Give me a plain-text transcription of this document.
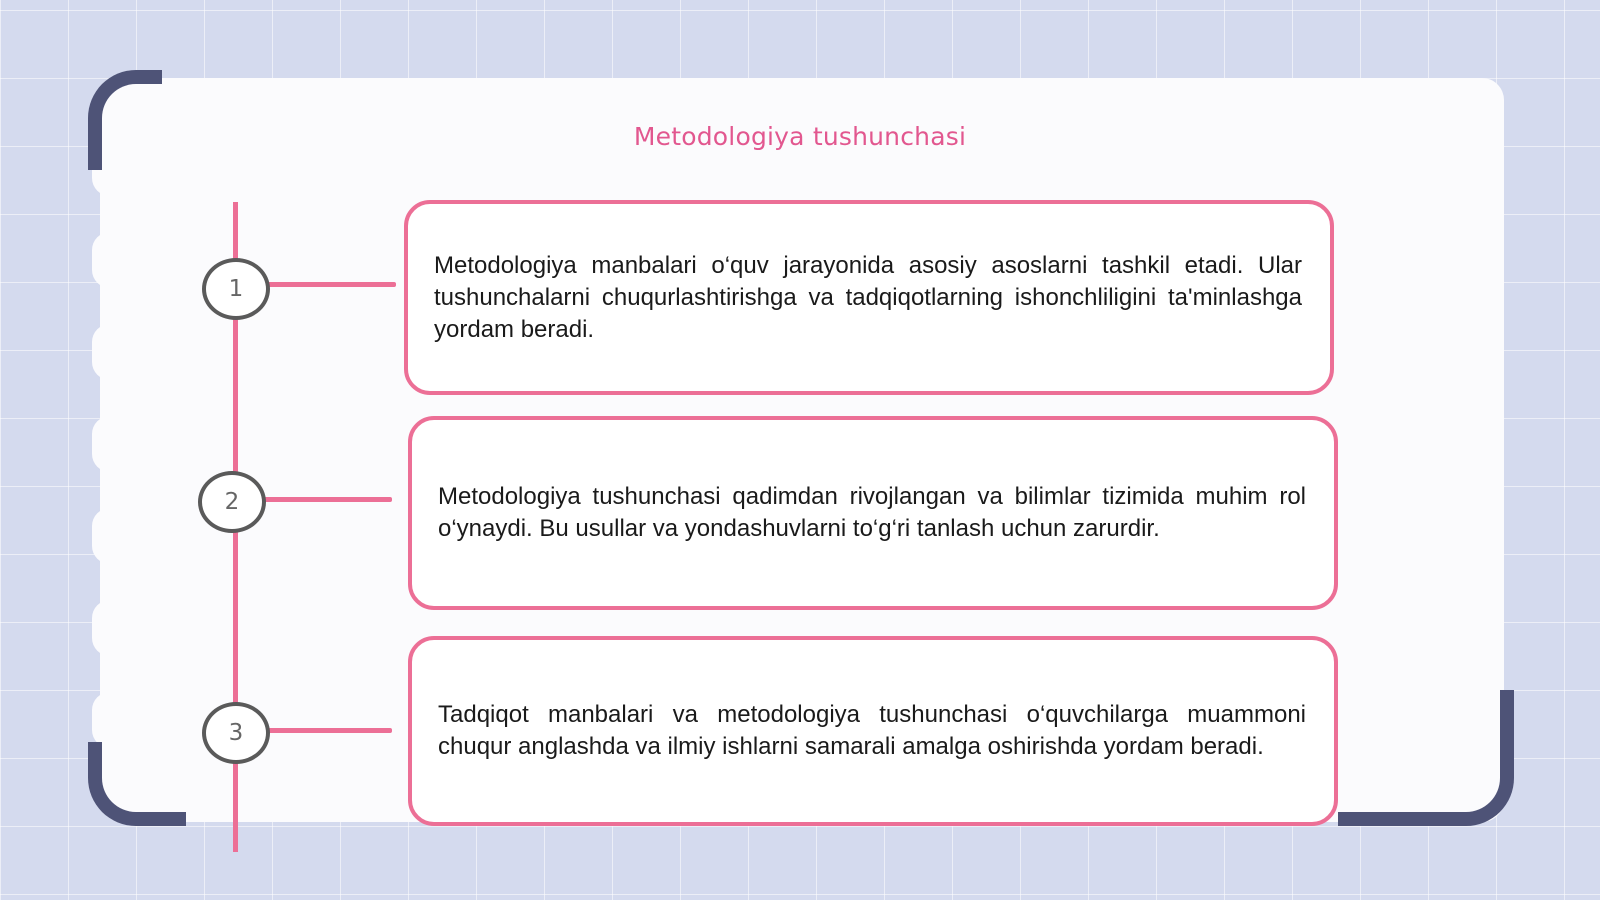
Metodologiya tushunchasi
1

Metodologiya manbalari o‘quv jarayonida asosiy asoslarni tashkil etadi. Ular tushunchalarni chuqurlashtirishga va tadqiqotlarning ishonchliligini ta'minlashga yordam beradi.

2	Metodologiya tushunchasi qadimdan rivojlangan va bilimlar tizimida muhim rol o‘ynaydi. Bu usullar va yondashuvlarni to‘g‘ri tanlash uchun zarurdir.

3

Tadqiqot manbalari va metodologiya tushunchasi o‘quvchilarga muammoni chuqur anglashda va ilmiy ishlarni samarali amalga oshirishda yordam beradi.
